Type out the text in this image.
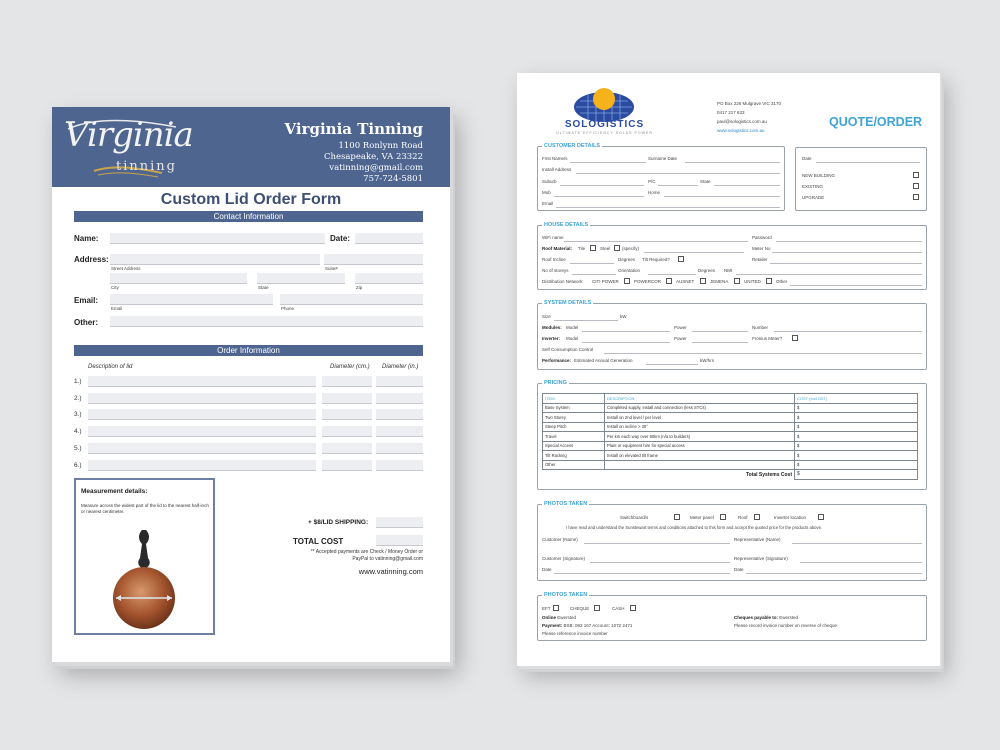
Virginia
tinning
Virginia Tinning
1100 Ronlynn Road
Chesapeake, VA 23322
vatinning@gmail.com
757-724-5801
Custom Lid Order Form
Contact Information
Name:	Date:
Address:
Street Address	Suite#
City	State	Zip
Email:
Email	Phone
Other:
Order Information
Description of lid	Diameter (cm.) Diameter (in.)
1.)
2.)
3.)
4.)
5.)
6.)
Measurement details:
Measure across the widest part of the lid to the nearest half-inch or nearest centimeter.
+ $8/LID SHIPPING:
TOTAL COST
** Accepted payments are Check / Money Order or PayPal to vatinning@gmail.com
www.vatinning.com
SOLOGISTICS
ULTIMATE EFFICIENCY SOLAR POWER
PO Box 226 Mulgrave VIC 3170
0417 217 633
paul@sologistics.com.au
www.sologistics.com.au
QUOTE/ORDER
CUSTOMER DETAILS
First Name/s	Surname Date
Install Address
Suburb	P/C	State
Mob	Home
Email
Date
NEW BUILDING
EXISTING
UPGRADE
HOUSE DETAILS
WiFi name	Password
Roof Material: Tile	Steel	(specify)	Meter No
Roof Incline	Degrees Tilt Required?	Retailer
No of storeys	Orientation	Degrees NMI
Distribution Network: CITI POWER	POWERCOR	AUSNET	JEMENA	UNITED	Other
SYSTEM DETAILS
Size	kW
Modules: Model	Power	Number
Inverter: Model	Power	Fronius Meter?
Self Consumption Control
Performance: Estimated Annual Generation	kW/hrs
PRICING
ITEM	DESCRIPTION	COST (Incl GST)
Base System	Completed supply, install and connection (less STCs)	$
Two Storey	Install on 2nd level / per level	$
Steep Pitch	Install on incline > 30°	$
Travel	Per km each way over 50km (n/a to builders)	$
Special Access	Plant or equipment hire for special access	$
Tilt Racking	Install on elevated tilt frame	$
Other		$
	Total Systems Cost	$
PHOTOS TAKEN
Switchboard/s	Meter panel	Roof	Inverter location
I have read and understand the Sunstewart terms and conditions attached to this form and accept the quoted price for the products above.
Customer (Name)	Representative (Name)
Customer (Signature)	Representative (Signature)
Date	Date
PHOTOS TAKEN
EFT	CHEQUE	CASH
Online Ewersted
Payment: BSB: 063 167 Account: 1072 2471
Please reference invoice number
Cheques payable to: Ewersted
Please record invoice number on reverse of cheque
